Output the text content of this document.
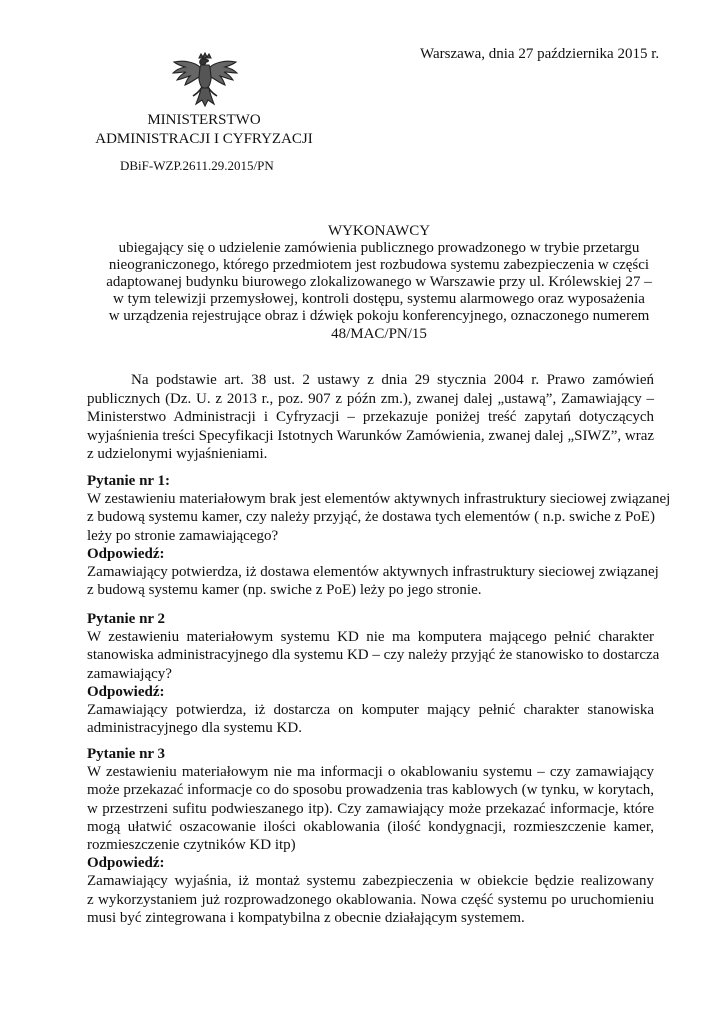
Warszawa, dnia 27 października 2015 r.
MINISTERSTWO
ADMINISTRACJI I CYFRYZACJI
DBiF-WZP.2611.29.2015/PN
WYKONAWCY
ubiegający się o udzielenie zamówienia publicznego prowadzonego w trybie przetargu
nieograniczonego, którego przedmiotem jest rozbudowa systemu zabezpieczenia w części
adaptowanej budynku biurowego zlokalizowanego w Warszawie przy ul. Królewskiej 27 –
w tym telewizji przemysłowej, kontroli dostępu, systemu alarmowego oraz wyposażenia
w urządzenia rejestrujące obraz i dźwięk pokoju konferencyjnego, oznaczonego numerem
48/MAC/PN/15
Na podstawie art. 38 ust. 2 ustawy z dnia 29 stycznia 2004 r. Prawo zamówień
publicznych (Dz. U. z 2013 r., poz. 907 z późn zm.), zwanej dalej „ustawą”, Zamawiający –
Ministerstwo Administracji i Cyfryzacji – przekazuje poniżej treść zapytań dotyczących
wyjaśnienia treści Specyfikacji Istotnych Warunków Zamówienia, zwanej dalej „SIWZ”, wraz
z udzielonymi wyjaśnieniami.
Pytanie nr 1:
W zestawieniu materiałowym brak jest elementów aktywnych infrastruktury sieciowej związanej
z budową systemu kamer, czy należy przyjąć, że dostawa tych elementów ( n.p. swiche z PoE)
leży po stronie zamawiającego?
Odpowiedź:
Zamawiający potwierdza, iż dostawa elementów aktywnych infrastruktury sieciowej związanej
z budową systemu kamer (np. swiche z PoE) leży po jego stronie.
Pytanie nr 2
W zestawieniu materiałowym systemu KD nie ma komputera mającego pełnić charakter
stanowiska administracyjnego dla systemu KD – czy należy przyjąć że stanowisko to dostarcza
zamawiający?
Odpowiedź:
Zamawiający potwierdza, iż dostarcza on komputer mający pełnić charakter stanowiska
administracyjnego dla systemu KD.
Pytanie nr 3
W zestawieniu materiałowym nie ma informacji o okablowaniu systemu – czy zamawiający
może przekazać informacje co do sposobu prowadzenia tras kablowych (w tynku, w korytach,
w przestrzeni sufitu podwieszanego itp). Czy zamawiający może przekazać informacje, które
mogą ułatwić oszacowanie ilości okablowania (ilość kondygnacji, rozmieszczenie kamer,
rozmieszczenie czytników KD itp)
Odpowiedź:
Zamawiający wyjaśnia, iż montaż systemu zabezpieczenia w obiekcie będzie realizowany
z wykorzystaniem już rozprowadzonego okablowania. Nowa część systemu po uruchomieniu
musi być zintegrowana i kompatybilna z obecnie działającym systemem.
